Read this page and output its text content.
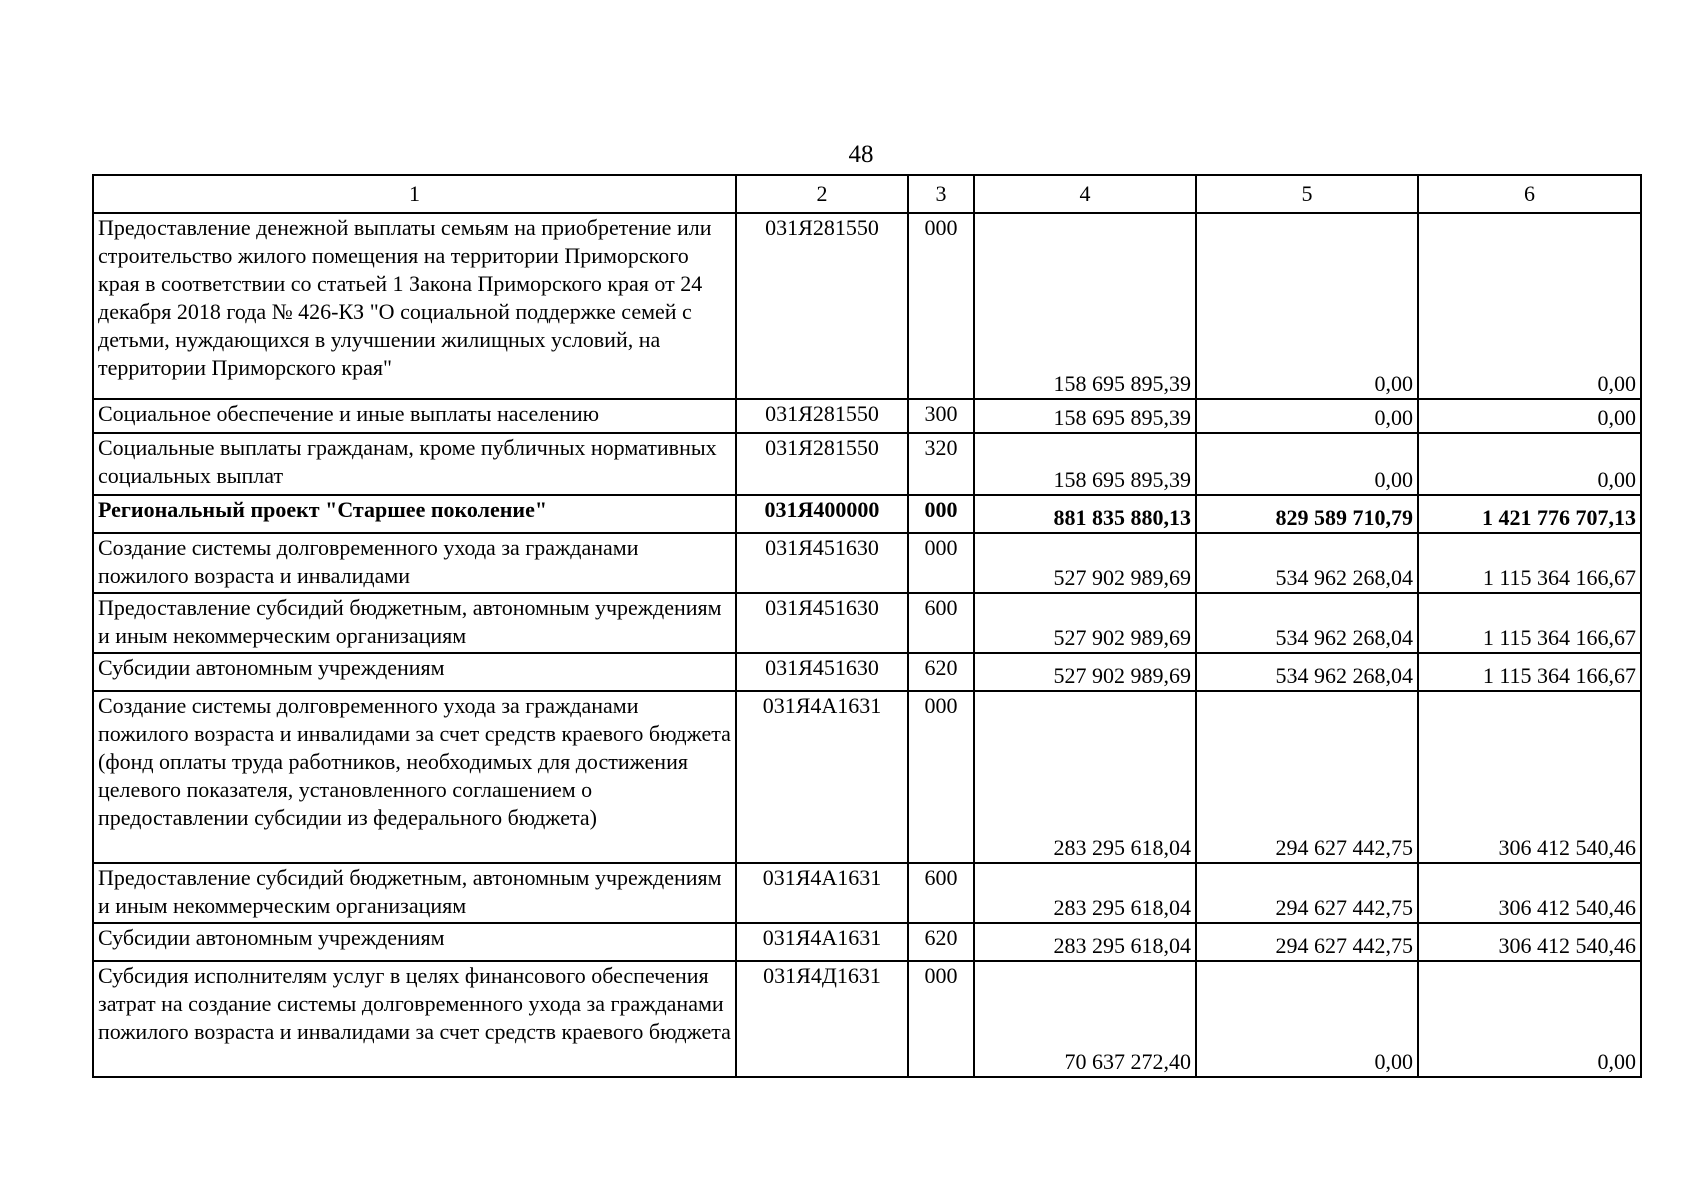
48
1	2	3	4	5	6
Предоставление денежной выплаты семьям на приобретение или строительство жилого помещения на территории Приморского края в соответствии со статьей 1 Закона Приморского края от 24 декабря 2018 года № 426-КЗ "О социальной поддержке семей с детьми, нуждающихся в улучшении жилищных условий, на территории Приморского края"	031Я281550	000	158 695 895,39	0,00	0,00
Социальное обеспечение и иные выплаты населению	031Я281550	300	158 695 895,39	0,00	0,00
Социальные выплаты гражданам, кроме публичных нормативных социальных выплат	031Я281550	320	158 695 895,39	0,00	0,00
Региональный проект "Старшее поколение"	031Я400000	000	881 835 880,13	829 589 710,79	1 421 776 707,13
Создание системы долговременного ухода за гражданами пожилого возраста и инвалидами	031Я451630	000	527 902 989,69	534 962 268,04	1 115 364 166,67
Предоставление субсидий бюджетным, автономным учреждениям и иным некоммерческим организациям	031Я451630	600	527 902 989,69	534 962 268,04	1 115 364 166,67
Субсидии автономным учреждениям	031Я451630	620	527 902 989,69	534 962 268,04	1 115 364 166,67
Создание системы долговременного ухода за гражданами пожилого возраста и инвалидами за счет средств краевого бюджета (фонд оплаты труда работников, необходимых для достижения целевого показателя, установленного соглашением о предоставлении субсидии из федерального бюджета)	031Я4А1631	000	283 295 618,04	294 627 442,75	306 412 540,46
Предоставление субсидий бюджетным, автономным учреждениям и иным некоммерческим организациям	031Я4А1631	600	283 295 618,04	294 627 442,75	306 412 540,46
Субсидии автономным учреждениям	031Я4А1631	620	283 295 618,04	294 627 442,75	306 412 540,46
Субсидия исполнителям услуг в целях финансового обеспечения затрат на создание системы долговременного ухода за гражданами пожилого возраста и инвалидами за счет средств краевого бюджета	031Я4Д1631	000	70 637 272,40	0,00	0,00
